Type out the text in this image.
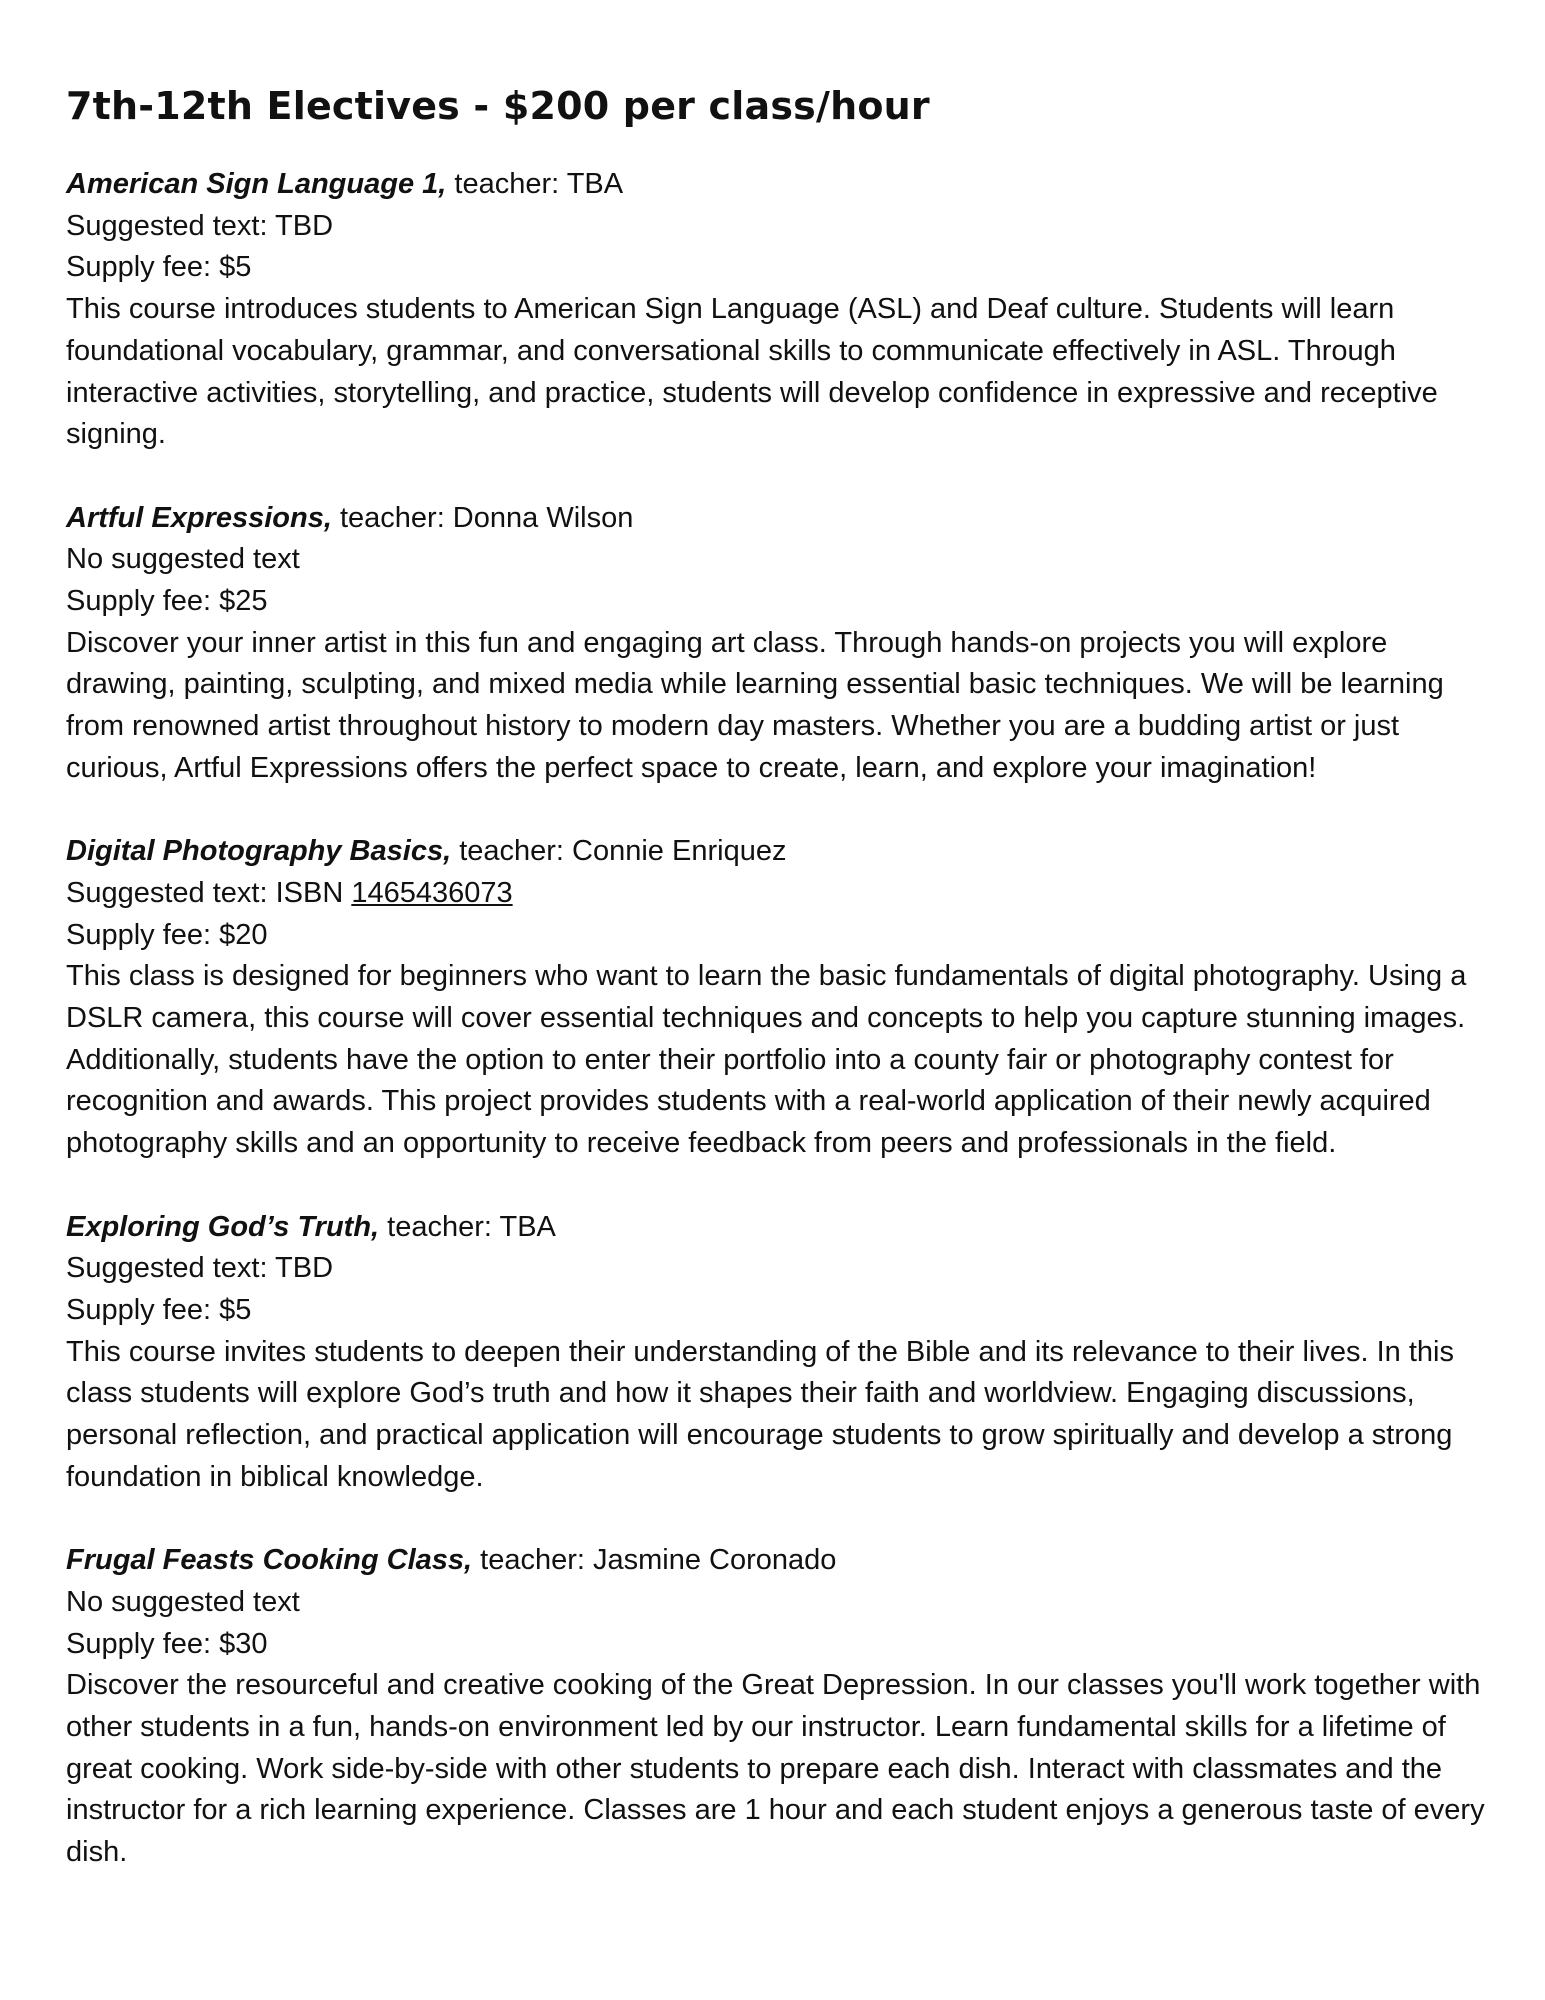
7th-12th Electives - $200 per class/hour
American Sign Language 1, teacher: TBA
Suggested text: TBD
Supply fee: $5
This course introduces students to American Sign Language (ASL) and Deaf culture. Students will learn foundational vocabulary, grammar, and conversational skills to communicate effectively in ASL. Through interactive activities, storytelling, and practice, students will develop confidence in expressive and receptive signing.
Artful Expressions, teacher: Donna Wilson
No suggested text
Supply fee: $25
Discover your inner artist in this fun and engaging art class. Through hands-on projects you will explore drawing, painting, sculpting, and mixed media while learning essential basic techniques. We will be learning from renowned artist throughout history to modern day masters. Whether you are a budding artist or just curious, Artful Expressions offers the perfect space to create, learn, and explore your imagination!
Digital Photography Basics, teacher: Connie Enriquez
Suggested text: ISBN 1465436073
Supply fee: $20
This class is designed for beginners who want to learn the basic fundamentals of digital photography. Using a DSLR camera, this course will cover essential techniques and concepts to help you capture stunning images. Additionally, students have the option to enter their portfolio into a county fair or photography contest for recognition and awards. This project provides students with a real-world application of their newly acquired photography skills and an opportunity to receive feedback from peers and professionals in the field.
Exploring God’s Truth, teacher: TBA
Suggested text: TBD
Supply fee: $5
This course invites students to deepen their understanding of the Bible and its relevance to their lives. In this class students will explore God’s truth and how it shapes their faith and worldview. Engaging discussions, personal reflection, and practical application will encourage students to grow spiritually and develop a strong foundation in biblical knowledge.
Frugal Feasts Cooking Class, teacher: Jasmine Coronado
No suggested text
Supply fee: $30
Discover the resourceful and creative cooking of the Great Depression. In our classes you'll work together with other students in a fun, hands-on environment led by our instructor. Learn fundamental skills for a lifetime of great cooking. Work side-by-side with other students to prepare each dish. Interact with classmates and the instructor for a rich learning experience. Classes are 1 hour and each student enjoys a generous taste of every dish.
